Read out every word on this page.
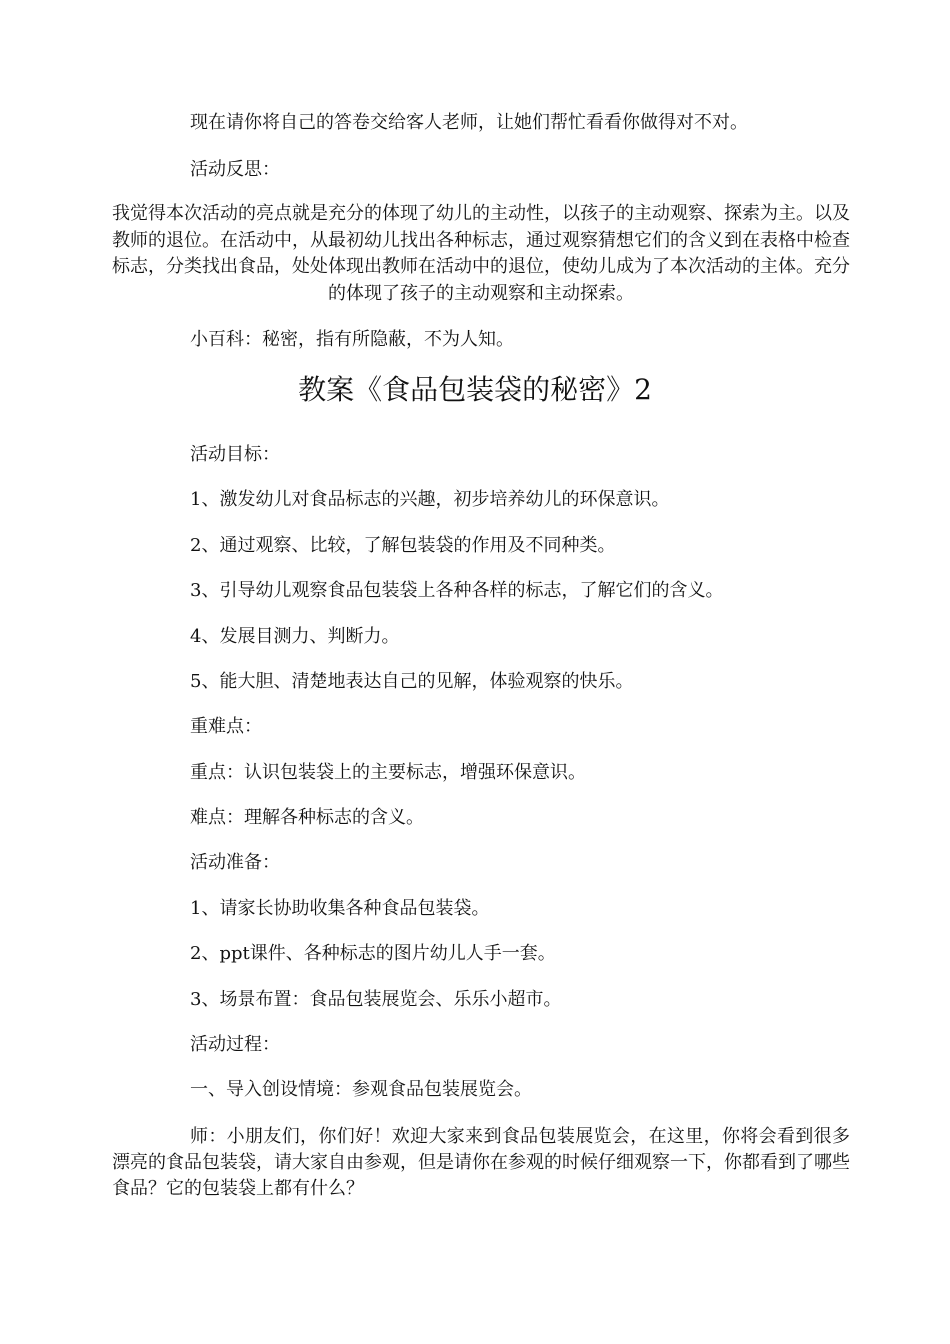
现在请你将自己的答卷交给客人老师，让她们帮忙看看你做得对不对。
活动反思：
我觉得本次活动的亮点就是充分的体现了幼儿的主动性，以孩子的主动观察、探索为主。以及教师的退位。在活动中，从最初幼儿找出各种标志，通过观察猜想它们的含义到在表格中检查标志，分类找出食品，处处体现出教师在活动中的退位，使幼儿成为了本次活动的主体。充分的体现了孩子的主动观察和主动探索。
小百科：秘密，指有所隐蔽，不为人知。
教案《食品包装袋的秘密》2
活动目标：
1、激发幼儿对食品标志的兴趣，初步培养幼儿的环保意识。
2、通过观察、比较，了解包装袋的作用及不同种类。
3、引导幼儿观察食品包装袋上各种各样的标志，了解它们的含义。
4、发展目测力、判断力。
5、能大胆、清楚地表达自己的见解，体验观察的快乐。
重难点：
重点：认识包装袋上的主要标志，增强环保意识。
难点：理解各种标志的含义。
活动准备：
1、请家长协助收集各种食品包装袋。
2、ppt课件、各种标志的图片幼儿人手一套。
3、场景布置：食品包装展览会、乐乐小超市。
活动过程：
一、导入创设情境：参观食品包装展览会。
师：小朋友们，你们好！欢迎大家来到食品包装展览会，在这里，你将会看到很多漂亮的食品包装袋，请大家自由参观，但是请你在参观的时候仔细观察一下，你都看到了哪些食品？它的包装袋上都有什么？
